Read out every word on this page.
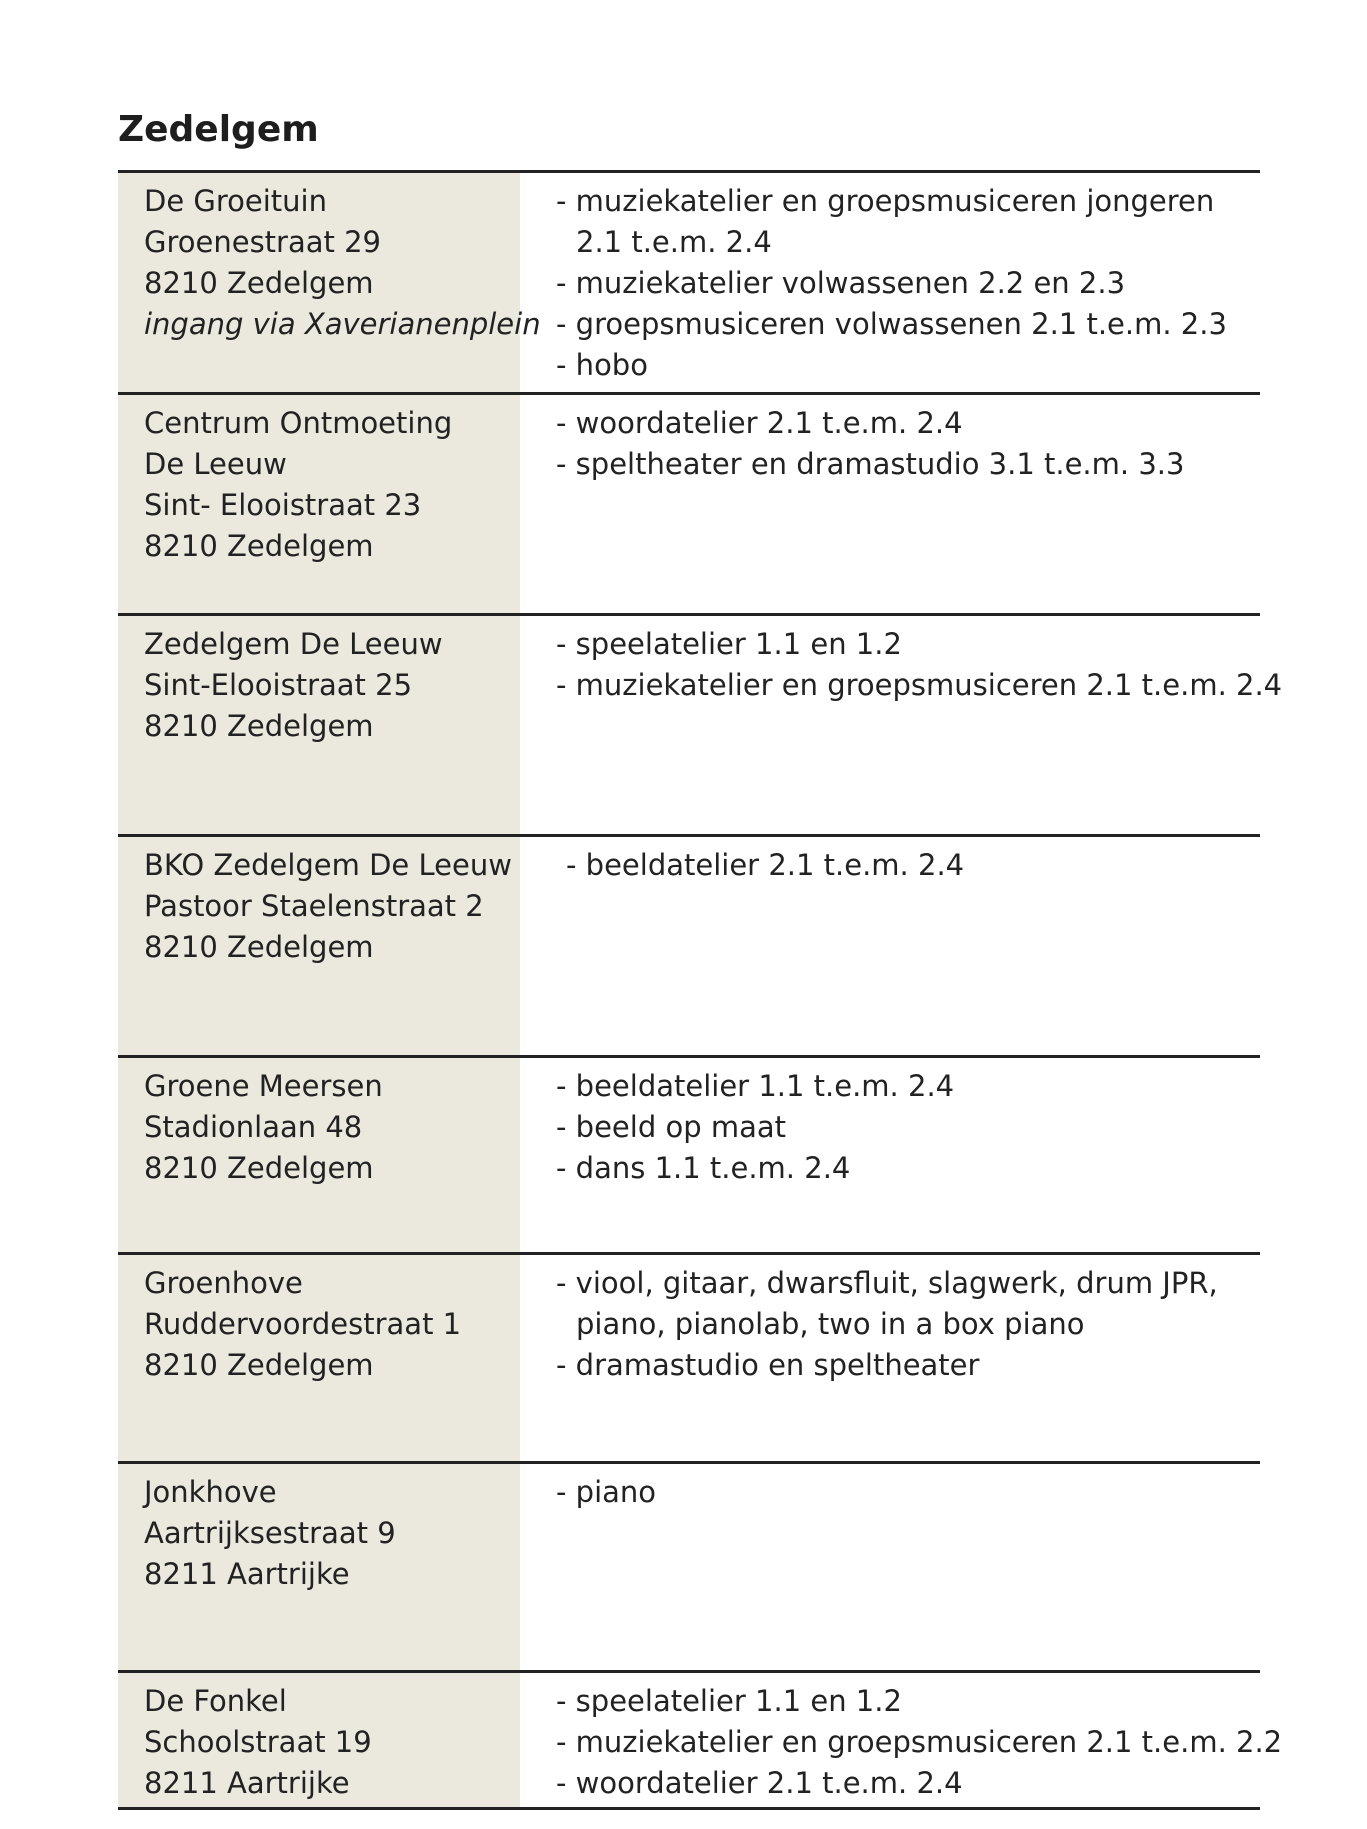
Zedelgem
De Groeituin
Groenestraat 29
8210 Zedelgem
ingang via Xaverianenplein
- muziekatelier en groepsmusiceren jongeren
2.1 t.e.m. 2.4
- muziekatelier volwassenen 2.2 en 2.3
- groepsmusiceren volwassenen 2.1 t.e.m. 2.3
- hobo
Centrum Ontmoeting
De Leeuw
Sint- Elooistraat 23
8210 Zedelgem
- woordatelier 2.1 t.e.m. 2.4
- speltheater en dramastudio 3.1 t.e.m. 3.3
Zedelgem De Leeuw
Sint-Elooistraat 25
8210 Zedelgem
- speelatelier 1.1 en 1.2
- muziekatelier en groepsmusiceren 2.1 t.e.m. 2.4
BKO Zedelgem De Leeuw
Pastoor Staelenstraat 2
8210 Zedelgem
- beeldatelier 2.1 t.e.m. 2.4
Groene Meersen
Stadionlaan 48
8210 Zedelgem
- beeldatelier 1.1 t.e.m. 2.4
- beeld op maat
- dans 1.1 t.e.m. 2.4
Groenhove
Ruddervoordestraat 1
8210 Zedelgem
- viool, gitaar, dwarsfluit, slagwerk, drum JPR,
piano, pianolab, two in a box piano
- dramastudio en speltheater
Jonkhove
Aartrijksestraat 9
8211 Aartrijke
- piano
De Fonkel
Schoolstraat 19
8211 Aartrijke
- speelatelier 1.1 en 1.2
- muziekatelier en groepsmusiceren 2.1 t.e.m. 2.2
- woordatelier 2.1 t.e.m. 2.4
